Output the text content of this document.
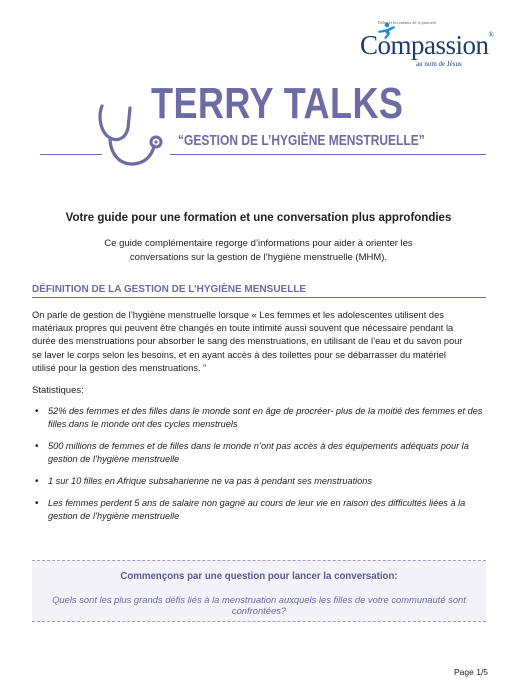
Délivrer les enfants de la pauvreté
Compassion®
au nom de Jésus
TERRY TALKS
“GESTION DE L’HYGIÈNE MENSTRUELLE”
Votre guide pour une formation et une conversation plus approfondies
Ce guide complémentaire regorge d’informations pour aider à orienter les conversations sur la gestion de l’hygiène menstruelle (MHM).
DÉFINITION DE LA GESTION DE L’HYGIÈNE MENSUELLE
On parle de gestion de l’hygiène menstruelle lorsque « Les femmes et les adolescentes utilisent des matériaux propres qui peuvent être changés en toute intimité aussi souvent que nécessaire pendant la durée des menstruations pour absorber le sang des menstruations, en utilisant de l’eau et du savon pour se laver le corps selon les besoins, et en ayant accès à des toilettes pour se débarrasser du matériel utilisé pour la gestion des menstruations. ”
Statistiques:
• 52% des femmes et des filles dans le monde sont en âge de procréer- plus de la moitié des femmes et des filles dans le monde ont des cycles menstruels
• 500 millions de femmes et de filles dans le monde n’ont pas accès à des équipements adéquats pour la gestion de l’hygiène menstruelle
• 1 sur 10 filles en Afrique subsaharienne ne va pas à pendant ses menstruations
• Les femmes perdent 5 ans de salaire non gagné au cours de leur vie en raison des difficultés liées à la gestion de l’hygiène menstruelle
Commençons par une question pour lancer la conversation:
Quels sont les plus grands défis liés à la menstruation auxquels les filles de votre communauté sont confrontées?
Page 1/5
